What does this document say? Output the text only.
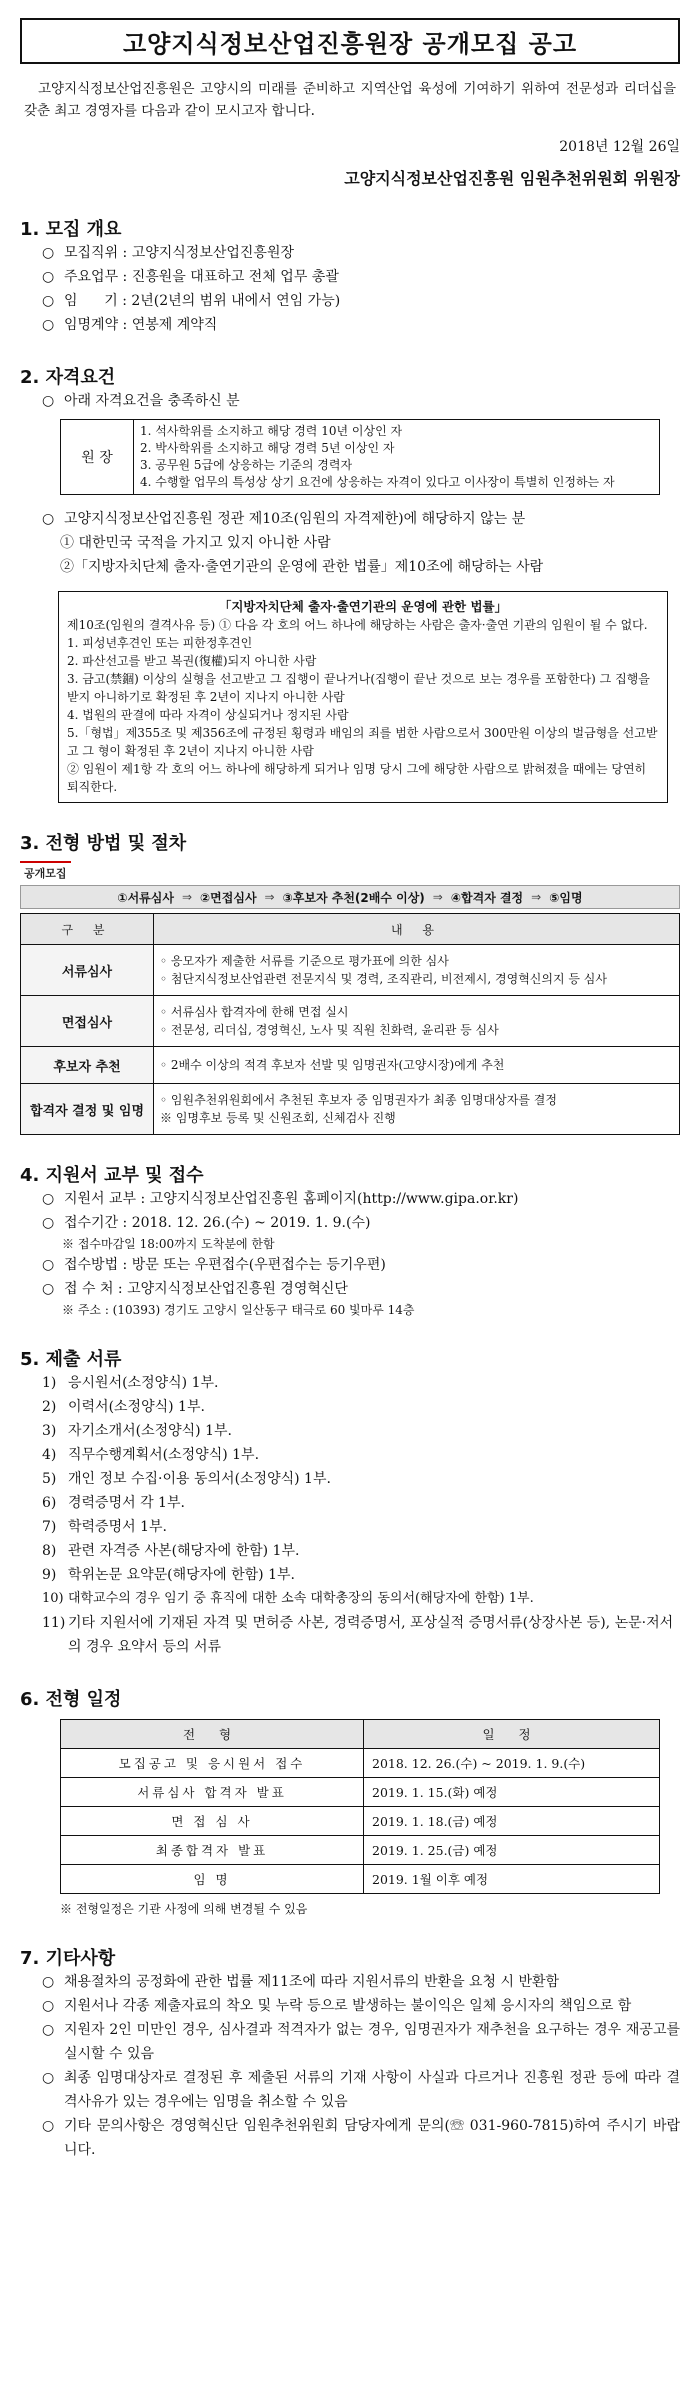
고양지식정보산업진흥원장 공개모집 공고
고양지식정보산업진흥원은 고양시의 미래를 준비하고 지역산업 육성에 기여하기 위하여 전문성과 리더십을 갖춘 최고 경영자를 다음과 같이 모시고자 합니다.
2018년 12월 26일
고양지식정보산업진흥원 임원추천위원회 위원장
1. 모집 개요
○ 모집직위 : 고양지식정보산업진흥원장
○ 주요업무 : 진흥원을 대표하고 전체 업무 총괄
○ 임      기 : 2년(2년의 범위 내에서 연임 가능)
○ 임명계약 : 연봉제 계약직
2. 자격요건
○ 아래 자격요건을 충족하신 분
원 장	
1. 석사학위를 소지하고 해당 경력 10년 이상인 자
2. 박사학위를 소지하고 해당 경력 5년 이상인 자
3. 공무원 5급에 상응하는 기준의 경력자
4. 수행할 업무의 특성상 상기 요건에 상응하는 자격이 있다고 이사장이 특별히 인정하는 자
○ 고양지식정보산업진흥원 정관 제10조(임원의 자격제한)에 해당하지 않는 분
① 대한민국 국적을 가지고 있지 아니한 사람
②「지방자치단체 출자·출연기관의 운영에 관한 법률」제10조에 해당하는 사람
「지방자치단체 출자·출연기관의 운영에 관한 법률」
제10조(임원의 결격사유 등) ① 다음 각 호의 어느 하나에 해당하는 사람은 출자·출연 기관의 임원이 될 수 없다.
1. 피성년후견인 또는 피한정후견인
2. 파산선고를 받고 복권(復權)되지 아니한 사람
3. 금고(禁錮) 이상의 실형을 선고받고 그 집행이 끝나거나(집행이 끝난 것으로 보는 경우를 포함한다) 그 집행을 받지 아니하기로 확정된 후 2년이 지나지 아니한 사람
4. 법원의 판결에 따라 자격이 상실되거나 정지된 사람
5.「형법」제355조 및 제356조에 규정된 횡령과 배임의 죄를 범한 사람으로서 300만원 이상의 벌금형을 선고받고 그 형이 확정된 후 2년이 지나지 아니한 사람
② 임원이 제1항 각 호의 어느 하나에 해당하게 되거나 임명 당시 그에 해당한 사람으로 밝혀졌을 때에는 당연히 퇴직한다.
3. 전형 방법 및 절차
공개모집
①서류심사 ⇒ ②면접심사 ⇒ ③후보자 추천(2배수 이상) ⇒ ④합격자 결정 ⇒ ⑤임명
구 분	내 용
서류심사	◦ 응모자가 제출한 서류를 기준으로 평가표에 의한 심사
◦ 첨단지식정보산업관련 전문지식 및 경력, 조직관리, 비전제시, 경영혁신의지 등 심사

면접심사	◦ 서류심사 합격자에 한해 면접 실시
◦ 전문성, 리더십, 경영혁신, 노사 및 직원 친화력, 윤리관 등 심사

후보자 추천	◦ 2배수 이상의 적격 후보자 선발 및 임명권자(고양시장)에게 추천

합격자 결정 및 임명	◦ 임원추천위원회에서 추천된 후보자 중 임명권자가 최종 임명대상자를 결정
※ 임명후보 등록 및 신원조회, 신체검사 진행
4. 지원서 교부 및 접수
○ 지원서 교부 : 고양지식정보산업진흥원 홈페이지(http://www.gipa.or.kr)
○ 접수기간 : 2018. 12. 26.(수) ~ 2019. 1. 9.(수)
※ 접수마감일 18:00까지 도착분에 한함
○ 접수방법 : 방문 또는 우편접수(우편접수는 등기우편)
○ 접 수 처 : 고양지식정보산업진흥원 경영혁신단
※ 주소 : (10393) 경기도 고양시 일산동구 태극로 60 빛마루 14층
5. 제출 서류
1) 응시원서(소정양식) 1부.
2) 이력서(소정양식) 1부.
3) 자기소개서(소정양식) 1부.
4) 직무수행계획서(소정양식) 1부.
5) 개인 정보 수집·이용 동의서(소정양식) 1부.
6) 경력증명서 각 1부.
7) 학력증명서 1부.
8) 관련 자격증 사본(해당자에 한함) 1부.
9) 학위논문 요약문(해당자에 한함) 1부.
10) 대학교수의 경우 임기 중 휴직에 대한 소속 대학총장의 동의서(해당자에 한함) 1부.
11) 기타 지원서에 기재된 자격 및 면허증 사본, 경력증명서, 포상실적 증명서류(상장사본 등), 논문·저서의 경우 요약서 등의 서류
6. 전형 일정
전 형	일 정
모집공고 및 응시원서 접수	2018. 12. 26.(수) ~ 2019. 1. 9.(수)
서류심사 합격자 발표	2019. 1. 15.(화) 예정
면 접 심 사	2019. 1. 18.(금) 예정
최종합격자 발표	2019. 1. 25.(금) 예정
임 명	2019. 1월 이후 예정
※ 전형일정은 기관 사정에 의해 변경될 수 있음
7. 기타사항
○ 채용절차의 공정화에 관한 법률 제11조에 따라 지원서류의 반환을 요청 시 반환함
○ 지원서나 각종 제출자료의 착오 및 누락 등으로 발생하는 불이익은 일체 응시자의 책임으로 함
○ 지원자 2인 미만인 경우, 심사결과 적격자가 없는 경우, 임명권자가 재추천을 요구하는 경우 재공고를 실시할 수 있음
○ 최종 임명대상자로 결정된 후 제출된 서류의 기재 사항이 사실과 다르거나 진흥원 정관 등에 따라 결격사유가 있는 경우에는 임명을 취소할 수 있음
○ 기타 문의사항은 경영혁신단 임원추천위원회 담당자에게 문의(☏ 031-960-7815)하여 주시기 바랍니다.
